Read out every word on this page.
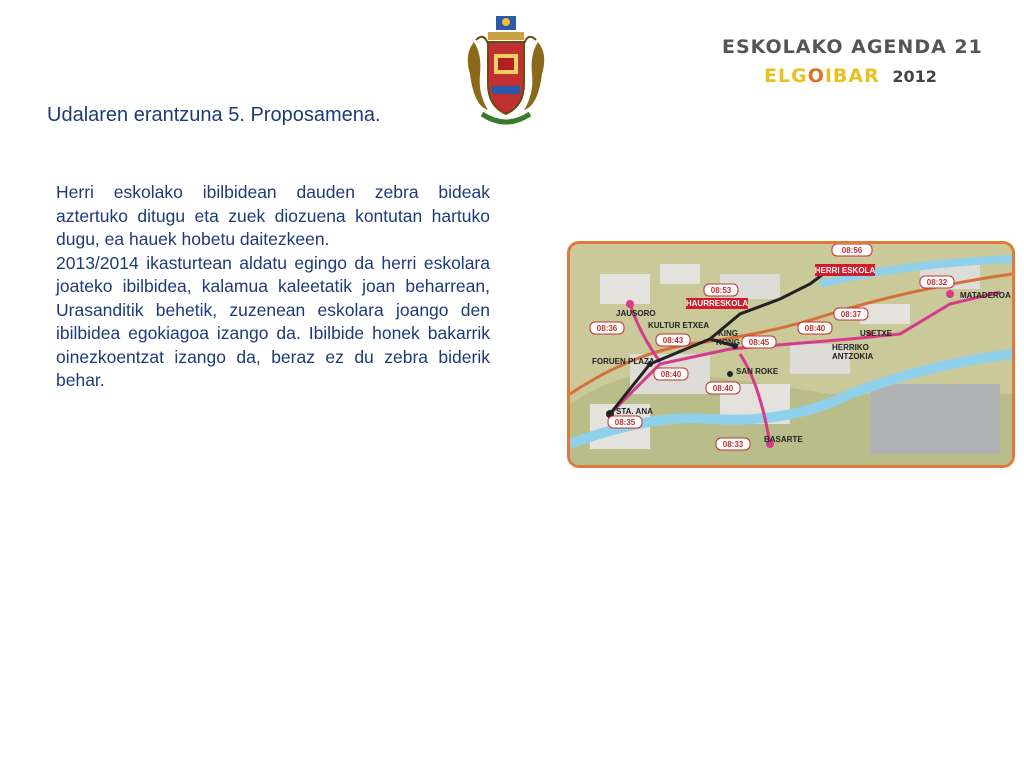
ESKOLAKO AGENDA 21
ELGOIBAR 2012
Udalaren erantzuna 5. Proposamena.

Herri eskolako ibilbidean dauden zebra bideak aztertuko ditugu eta zuek diozuena kontutan hartuko dugu, ea hauek hobetu daitezkeen.

2013/2014 ikasturtean aldatu egingo da herri eskolara joateko ibilbidea, kalamua kaleetatik joan beharrean, Urasanditik behetik, zuzenean eskolara joango den ibilbidea egokiagoa izango da. Ibilbide honek bakarrik oinezkoentzat izango da, beraz ez du zebra biderik behar.

08:56
HERRI ESKOLA
08:32
MATADEROA
08:53
HAURRESKOLA
JAUSORO
08:36	KULTUR ETXEA
08:43
KING
KONG 08:45
08:40
08:37
USETXE
HERRIKO
ANTZOKIA
FORUEN PLAZA
08:40	SAN ROKE
08:40
STA. ANA
08:35
08:33
BASARTE
